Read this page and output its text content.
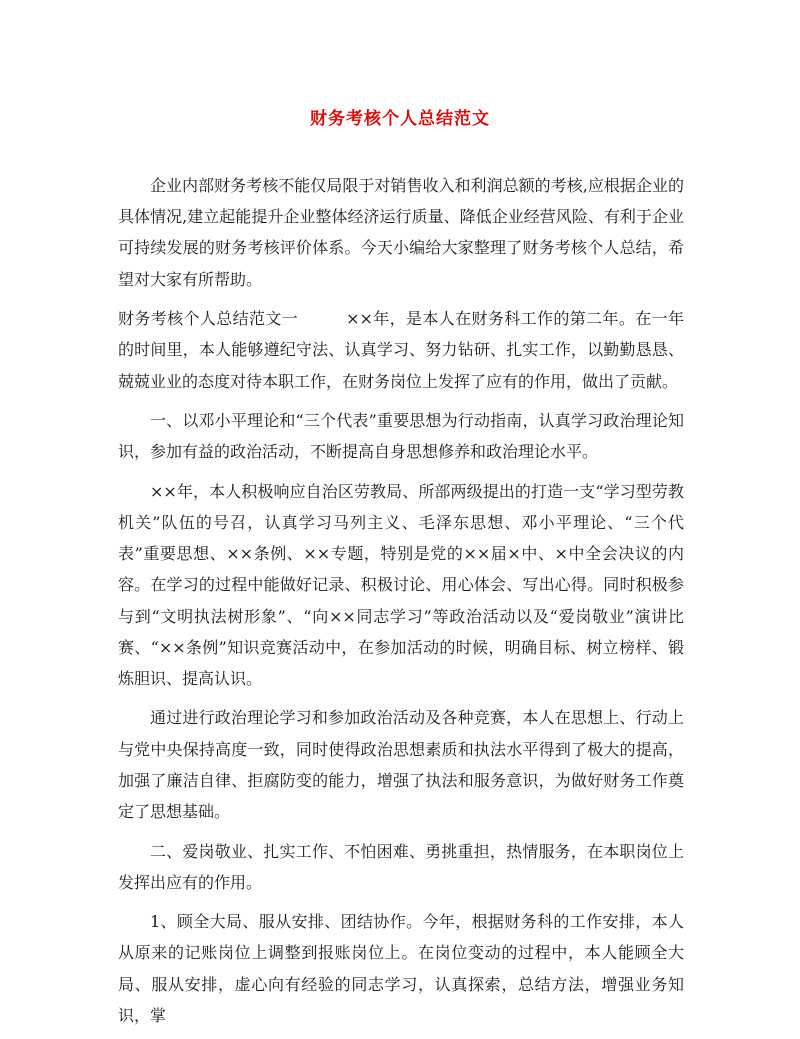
财务考核个人总结范文

企业内部财务考核不能仅局限于对销售收入和利润总额的考核,应根据企业的具体情况,建立起能提升企业整体经济运行质量、降低企业经营风险、有利于企业可持续发展的财务考核评价体系。今天小编给大家整理了财务考核个人总结，希望对大家有所帮助。

财务考核个人总结范文一	××年，是本人在财务科工作的第二年。在一年的时间里，本人能够遵纪守法、认真学习、努力钻研、扎实工作，以勤勤恳恳、兢兢业业的态度对待本职工作，在财务岗位上发挥了应有的作用，做出了贡献。

一、以邓小平理论和“三个代表”重要思想为行动指南，认真学习政治理论知识，参加有益的政治活动，不断提高自身思想修养和政治理论水平。

××年，本人积极响应自治区劳教局、所部两级提出的打造一支“学习型劳教机关”队伍的号召，认真学习马列主义、毛泽东思想、邓小平理论、“三个代表”重要思想、××条例、××专题，特别是党的××届×中、×中全会决议的内容。在学习的过程中能做好记录、积极讨论、用心体会、写出心得。同时积极参与到“文明执法树形象”、“向××同志学习”等政治活动以及“爱岗敬业”演讲比赛、“××条例”知识竞赛活动中，在参加活动的时候，明确目标、树立榜样、锻炼胆识、提高认识。

通过进行政治理论学习和参加政治活动及各种竞赛，本人在思想上、行动上与党中央保持高度一致，同时使得政治思想素质和执法水平得到了极大的提高，加强了廉洁自律、拒腐防变的能力，增强了执法和服务意识，为做好财务工作奠定了思想基础。

二、爱岗敬业、扎实工作、不怕困难、勇挑重担，热情服务，在本职岗位上发挥出应有的作用。

1、顾全大局、服从安排、团结协作。今年，根据财务科的工作安排，本人从原来的记账岗位上调整到报账岗位上。在岗位变动的过程中，本人能顾全大局、服从安排，虚心向有经验的同志学习，认真探索，总结方法，增强业务知识，掌
